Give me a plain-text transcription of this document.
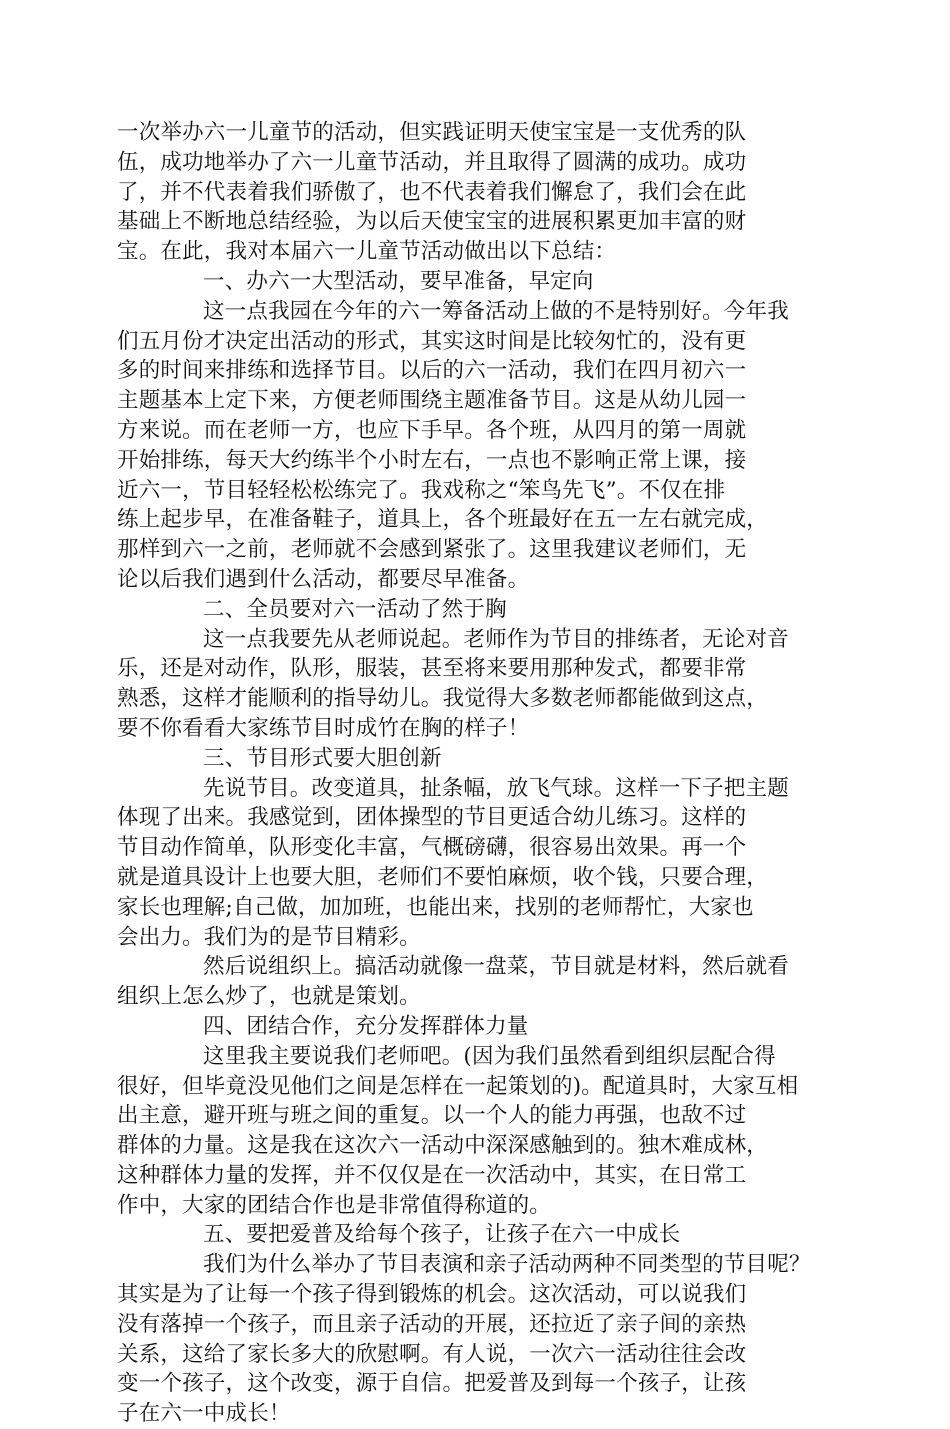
一次举办六一儿童节的活动，但实践证明天使宝宝是一支优秀的队
伍，成功地举办了六一儿童节活动，并且取得了圆满的成功。成功
了，并不代表着我们骄傲了，也不代表着我们懈怠了，我们会在此
基础上不断地总结经验，为以后天使宝宝的进展积累更加丰富的财
宝。在此，我对本届六一儿童节活动做出以下总结：
一、办六一大型活动，要早准备，早定向
这一点我园在今年的六一筹备活动上做的不是特别好。今年我
们五月份才决定出活动的形式，其实这时间是比较匆忙的，没有更
多的时间来排练和选择节目。以后的六一活动，我们在四月初六一
主题基本上定下来，方便老师围绕主题准备节目。这是从幼儿园一
方来说。而在老师一方，也应下手早。各个班，从四月的第一周就
开始排练，每天大约练半个小时左右，一点也不影响正常上课，接
近六一，节目轻轻松松练完了。我戏称之“笨鸟先飞”。不仅在排
练上起步早，在准备鞋子，道具上，各个班最好在五一左右就完成，
那样到六一之前，老师就不会感到紧张了。这里我建议老师们，无
论以后我们遇到什么活动，都要尽早准备。
二、全员要对六一活动了然于胸
这一点我要先从老师说起。老师作为节目的排练者，无论对音
乐，还是对动作，队形，服装，甚至将来要用那种发式，都要非常
熟悉，这样才能顺利的指导幼儿。我觉得大多数老师都能做到这点，
要不你看看大家练节目时成竹在胸的样子！
三、节目形式要大胆创新
先说节目。改变道具，扯条幅，放飞气球。这样一下子把主题
体现了出来。我感觉到，团体操型的节目更适合幼儿练习。这样的
节目动作简单，队形变化丰富，气概磅礴，很容易出效果。再一个
就是道具设计上也要大胆，老师们不要怕麻烦，收个钱，只要合理，
家长也理解;自己做，加加班，也能出来，找别的老师帮忙，大家也
会出力。我们为的是节目精彩。
然后说组织上。搞活动就像一盘菜，节目就是材料，然后就看
组织上怎么炒了，也就是策划。
四、团结合作，充分发挥群体力量
这里我主要说我们老师吧。(因为我们虽然看到组织层配合得
很好，但毕竟没见他们之间是怎样在一起策划的)。配道具时，大家互相
出主意，避开班与班之间的重复。以一个人的能力再强，也敌不过
群体的力量。这是我在这次六一活动中深深感触到的。独木难成林，
这种群体力量的发挥，并不仅仅是在一次活动中，其实，在日常工
作中，大家的团结合作也是非常值得称道的。
五、要把爱普及给每个孩子，让孩子在六一中成长
我们为什么举办了节目表演和亲子活动两种不同类型的节目呢？
其实是为了让每一个孩子得到锻炼的机会。这次活动，可以说我们
没有落掉一个孩子，而且亲子活动的开展，还拉近了亲子间的亲热
关系，这给了家长多大的欣慰啊。有人说，一次六一活动往往会改
变一个孩子，这个改变，源于自信。把爱普及到每一个孩子，让孩
子在六一中成长！
